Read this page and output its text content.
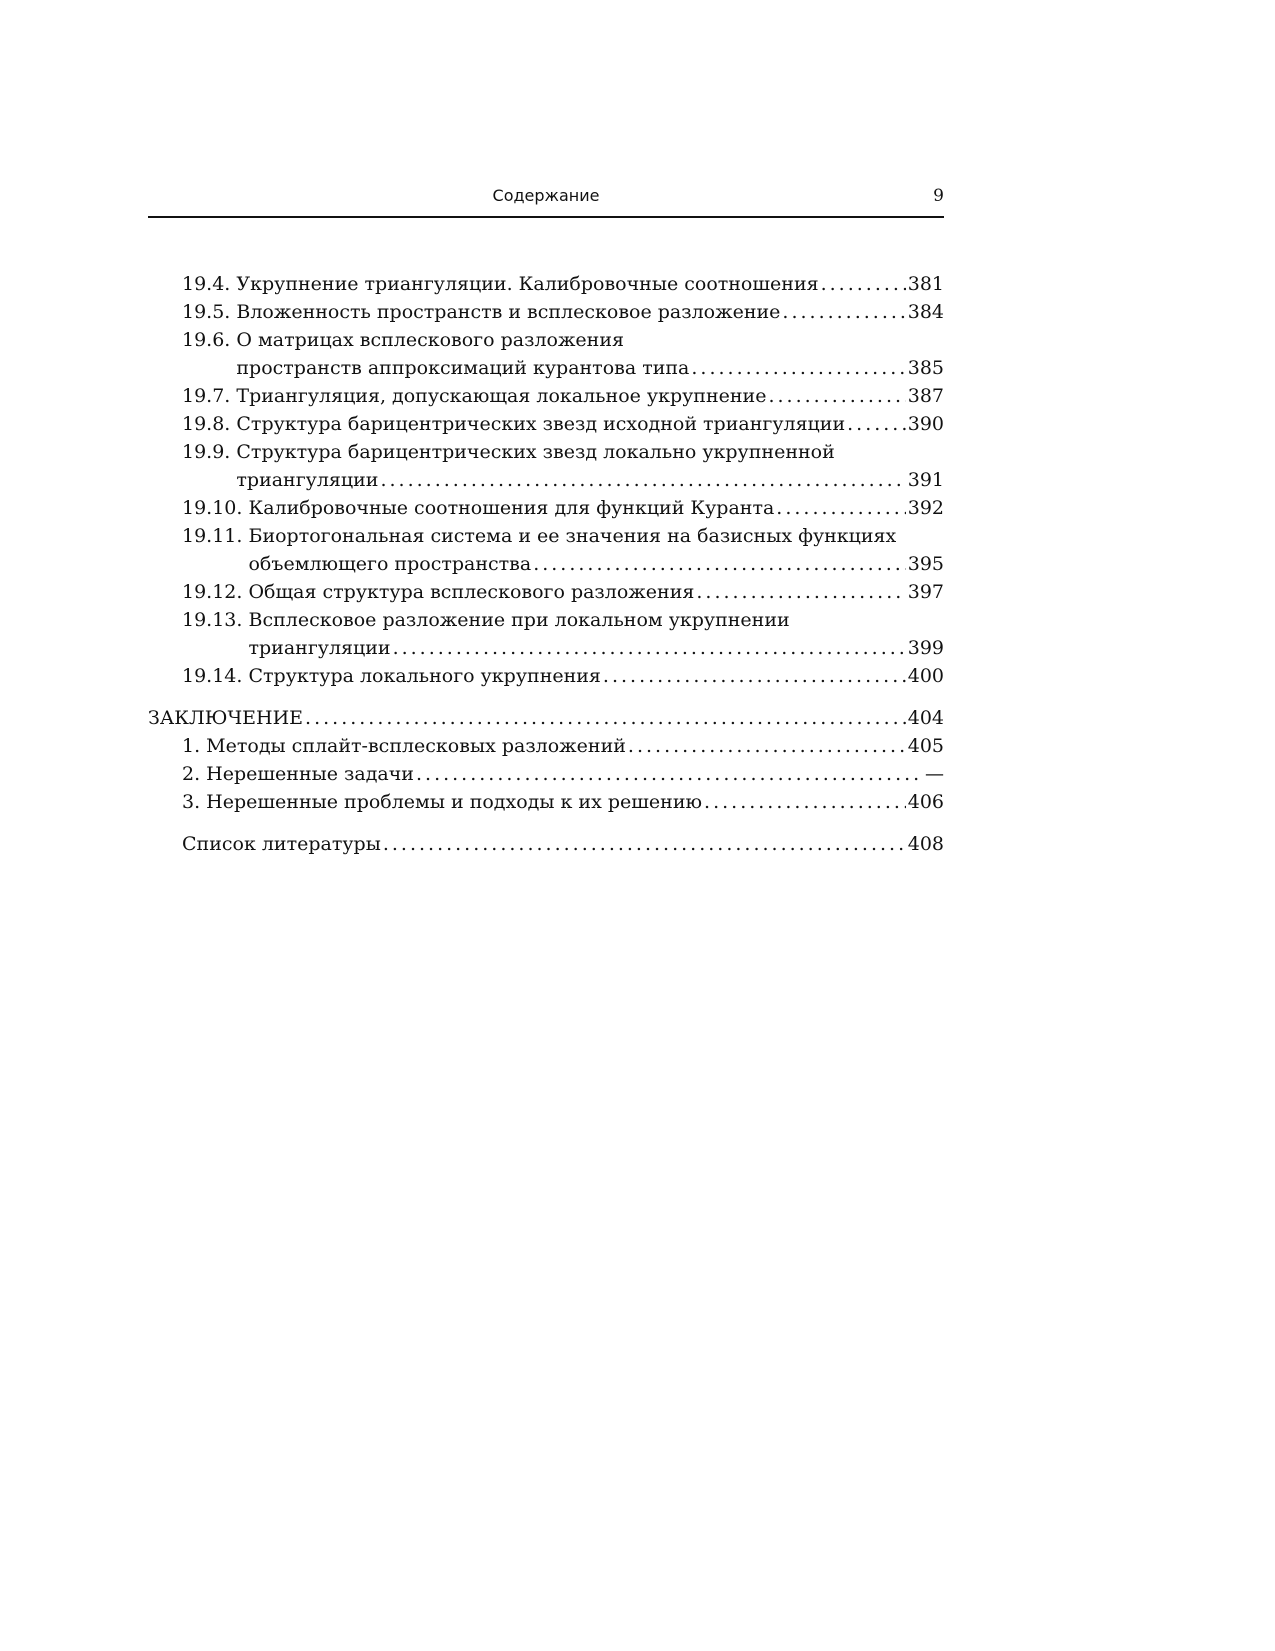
Содержание	9
19.4. Укрупнение триангуляции. Калибровочные соотношения .....	381
19.5. Вложенность пространств и всплесковое разложение .....	384
19.6. О матрицах всплескового разложения
пространств аппроксимаций курантова типа .....	385
19.7. Триангуляция, допускающая локальное укрупнение .....	387
19.8. Структура барицентрических звезд исходной триангуляции .....	390
19.9. Структура барицентрических звезд локально укрупненной
триангуляции .....	391
19.10. Калибровочные соотношения для функций Куранта .....	392
19.11. Биортогональная система и ее значения на базисных функциях
объемлющего пространства .....	395
19.12. Общая структура всплескового разложения .....	397
19.13. Всплесковое разложение при локальном укрупнении
триангуляции .....	399
19.14. Структура локального укрупнения .....	400
ЗАКЛЮЧЕНИЕ .....	404
1. Методы сплайт-всплесковых разложений .....	405
2. Нерешенные задачи .....	—
3. Нерешенные проблемы и подходы к их решению .....	406
Список литературы .....	408
